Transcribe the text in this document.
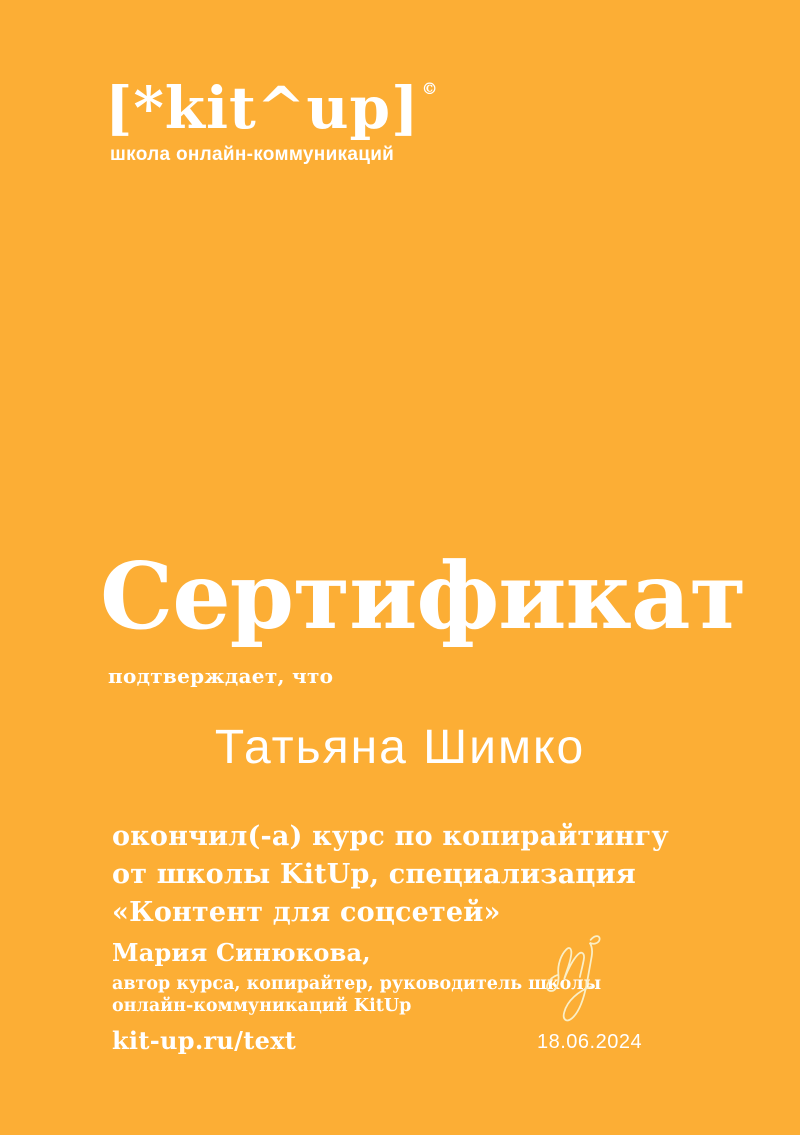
[*kit^up] ©
школа онлайн-коммуникаций
Сертификат
подтверждает, что
Татьяна Шимко
окончил(-а) курс по копирайтингу
от школы KitUp, специализация
«Контент для соцсетей»
Мария Синюкова,
автор курса, копирайтер, руководитель школы
онлайн-коммуникаций KitUp
kit-up.ru/text	18.06.2024
